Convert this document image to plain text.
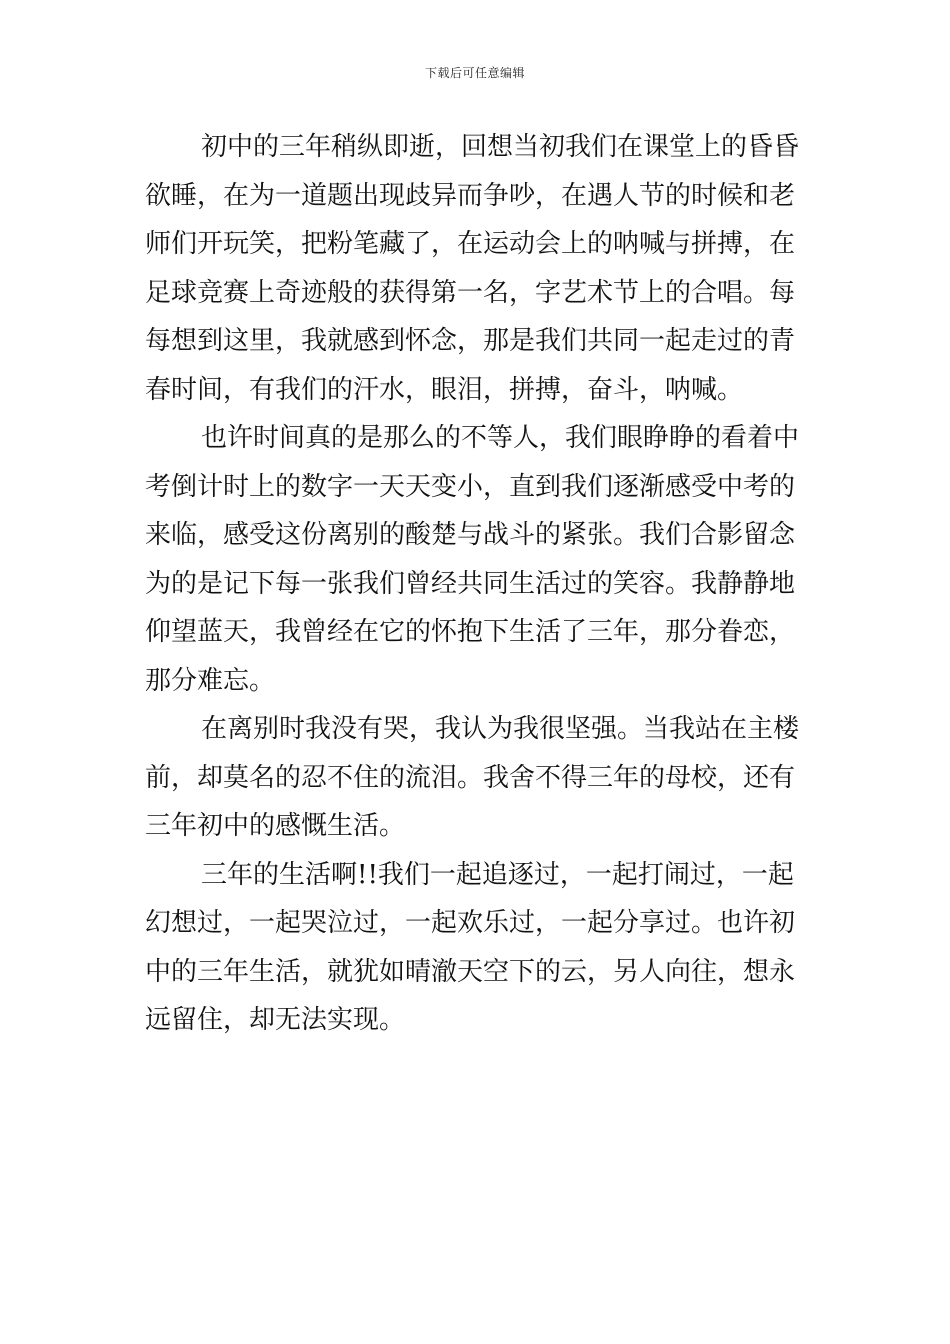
下载后可任意编辑
初中的三年稍纵即逝，回想当初我们在课堂上的昏昏
欲睡，在为一道题出现歧异而争吵，在遇人节的时候和老
师们开玩笑，把粉笔藏了，在运动会上的呐喊与拼搏，在
足球竞赛上奇迹般的获得第一名，字艺术节上的合唱。每
每想到这里，我就感到怀念，那是我们共同一起走过的青
春时间，有我们的汗水，眼泪，拼搏，奋斗，呐喊。
也许时间真的是那么的不等人，我们眼睁睁的看着中
考倒计时上的数字一天天变小，直到我们逐渐感受中考的
来临，感受这份离别的酸楚与战斗的紧张。我们合影留念
为的是记下每一张我们曾经共同生活过的笑容。我静静地
仰望蓝天，我曾经在它的怀抱下生活了三年，那分眷恋，
那分难忘。
在离别时我没有哭，我认为我很坚强。当我站在主楼
前，却莫名的忍不住的流泪。我舍不得三年的母校，还有
三年初中的感慨生活。
三年的生活啊!!我们一起追逐过，一起打闹过，一起
幻想过，一起哭泣过，一起欢乐过，一起分享过。也许初
中的三年生活，就犹如晴澈天空下的云，另人向往，想永
远留住，却无法实现。
